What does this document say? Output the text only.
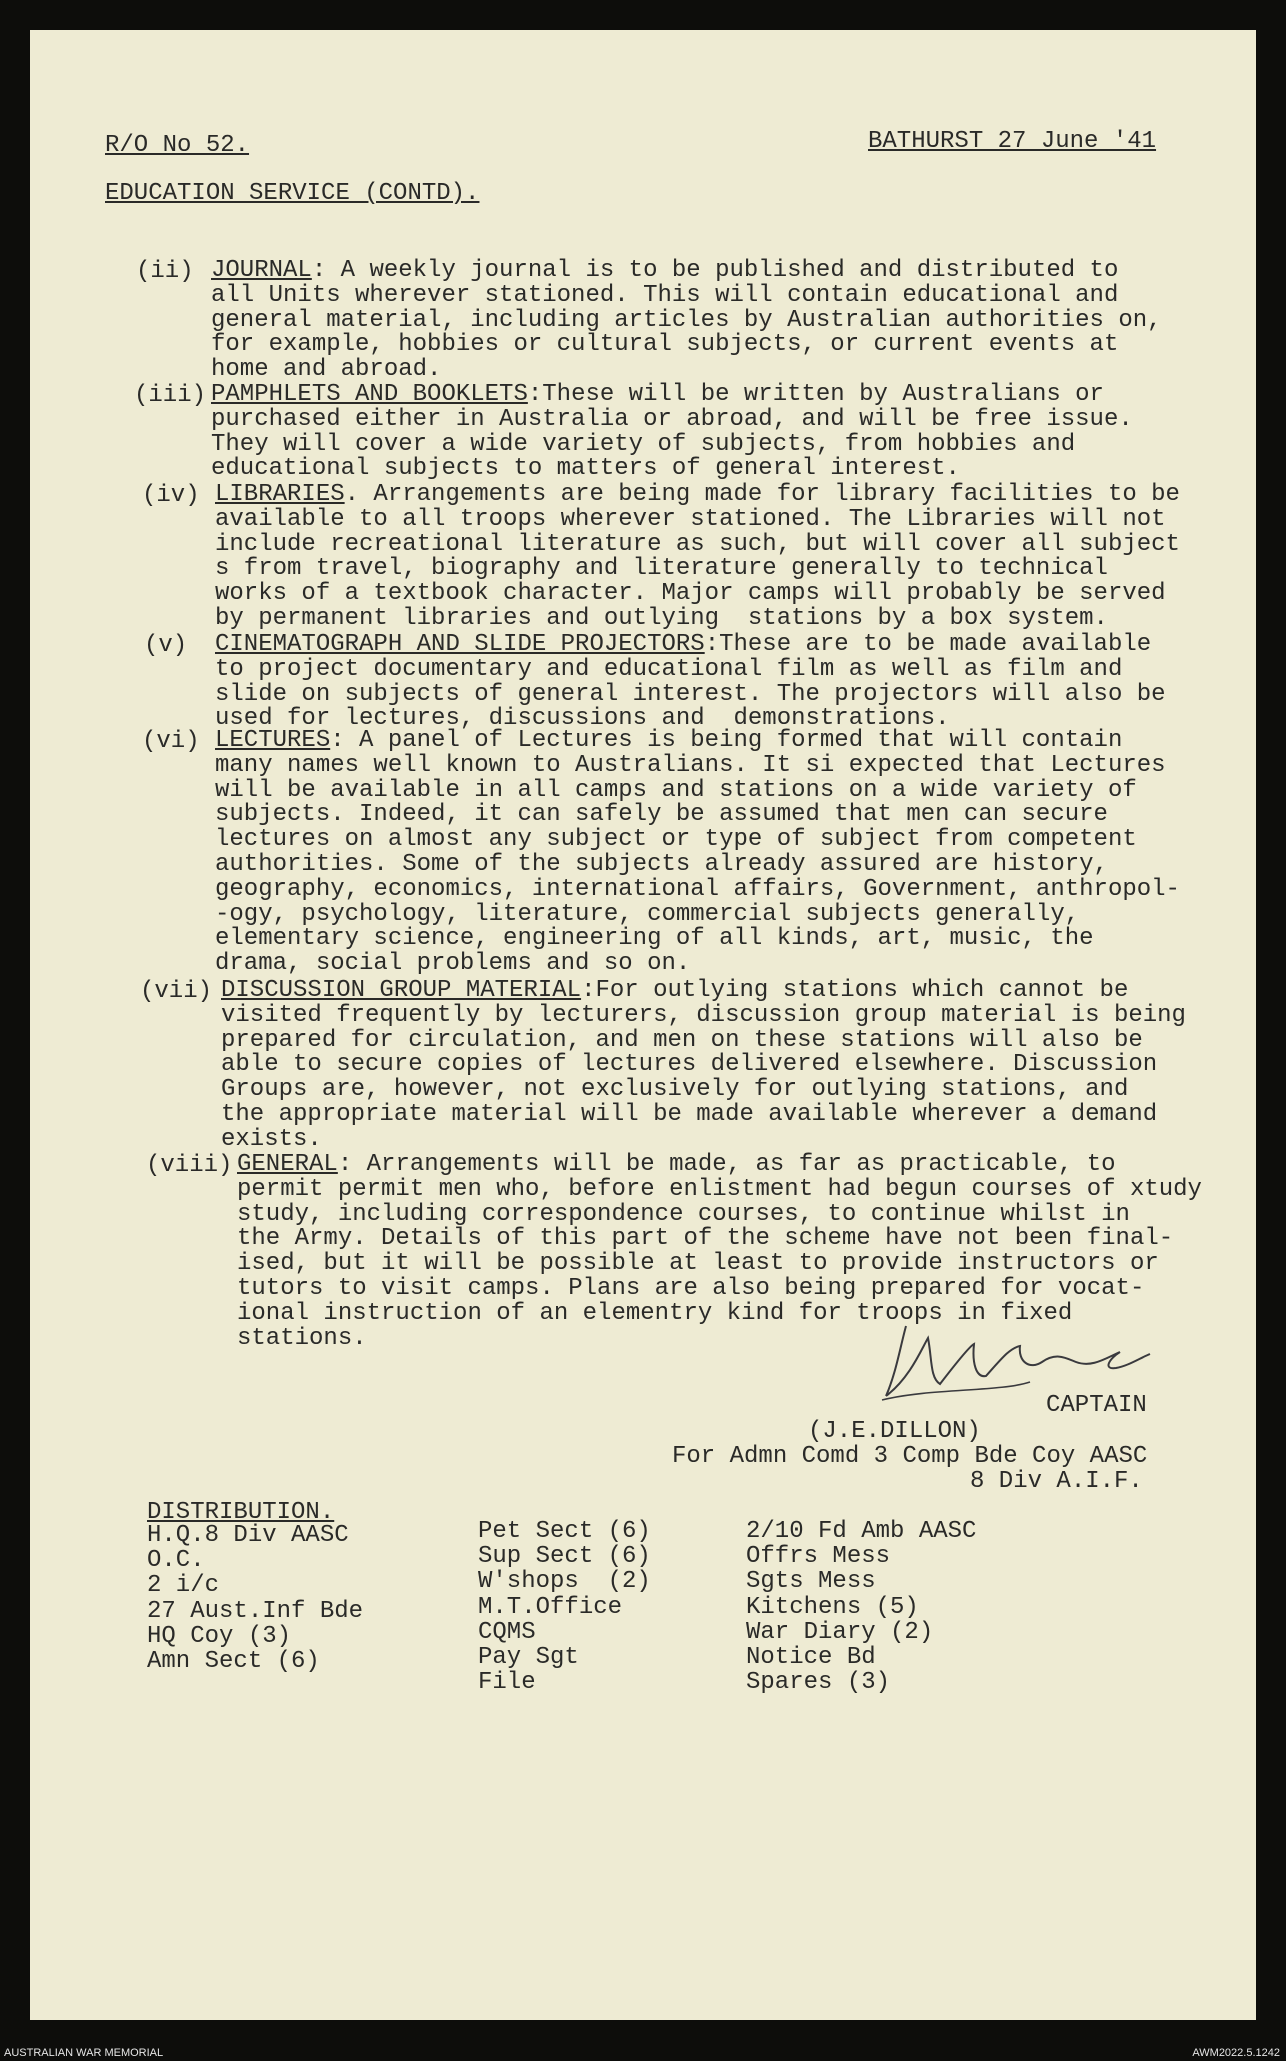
R/O No 52.	BATHURST 27 June '41
EDUCATION SERVICE (CONTD).
(ii) JOURNAL: A weekly journal is to be published and distributed to
all Units wherever stationed. This will contain educational and
general material, including articles by Australian authorities on,
for example, hobbies or cultural subjects, or current events at
home and abroad.
(iii) PAMPHLETS AND BOOKLETS:These will be written by Australians or
purchased either in Australia or abroad, and will be free issue.
They will cover a wide variety of subjects, from hobbies and
educational subjects to matters of general interest.
(iv) LIBRARIES. Arrangements are being made for library facilities to be
available to all troops wherever stationed. The Libraries will not
include recreational literature as such, but will cover all subject
s from travel, biography and literature generally to technical
works of a textbook character. Major camps will probably be served
by permanent libraries and outlying  stations by a box system.
(v) CINEMATOGRAPH AND SLIDE PROJECTORS:These are to be made available
to project documentary and educational film as well as film and
slide on subjects of general interest. The projectors will also be
used for lectures, discussions and  demonstrations.
(vi) LECTURES: A panel of Lectures is being formed that will contain
many names well known to Australians. It si expected that Lectures
will be available in all camps and stations on a wide variety of
subjects. Indeed, it can safely be assumed that men can secure
lectures on almost any subject or type of subject from competent
authorities. Some of the subjects already assured are history,
geography, economics, international affairs, Government, anthropol-
-ogy, psychology, literature, commercial subjects generally,
elementary science, engineering of all kinds, art, music, the
drama, social problems and so on.
(vii) DISCUSSION GROUP MATERIAL:For outlying stations which cannot be
visited frequently by lecturers, discussion group material is being
prepared for circulation, and men on these stations will also be
able to secure copies of lectures delivered elsewhere. Discussion
Groups are, however, not exclusively for outlying stations, and
the appropriate material will be made available wherever a demand
exists.
(viii) GENERAL: Arrangements will be made, as far as practicable, to
permit permit men who, before enlistment had begun courses of xtudy
study, including correspondence courses, to continue whilst in
the Army. Details of this part of the scheme have not been final-
ised, but it will be possible at least to provide instructors or
tutors to visit camps. Plans are also being prepared for vocat-
ional instruction of an elementry kind for troops in fixed
stations.
CAPTAIN
(J.E.DILLON)
For Admn Comd 3 Comp Bde Coy AASC
8 Div A.I.F.
DISTRIBUTION.
H.Q.8 Div AASC
O.C.
2 i/c
27 Aust.Inf Bde
HQ Coy (3)
Amn Sect (6)
Pet Sect (6)
Sup Sect (6)
W'shops  (2)
M.T.Office
CQMS
Pay Sgt
File
2/10 Fd Amb AASC
Offrs Mess
Sgts Mess
Kitchens (5)
War Diary (2)
Notice Bd
Spares (3)
AUSTRALIAN WAR MEMORIAL	AWM2022.5.1242
